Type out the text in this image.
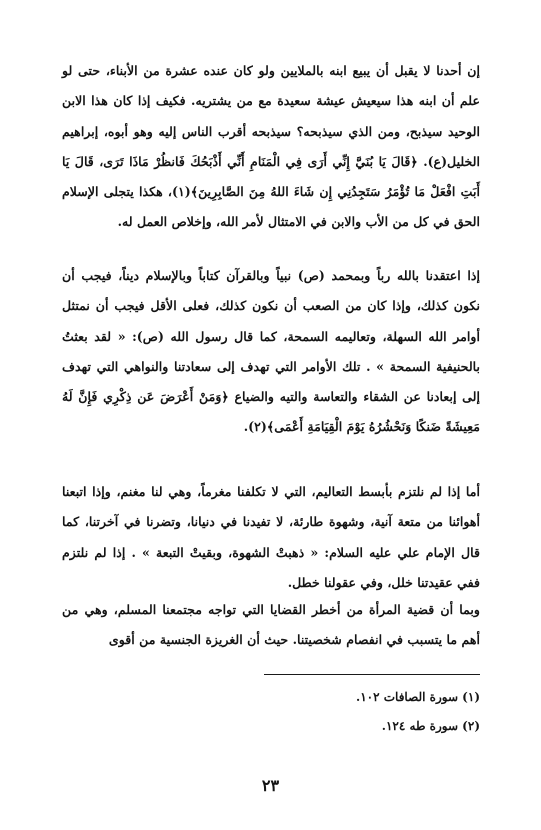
إن أحدنا لا يقبل أن يبيع ابنه بالملايين ولو كان عنده عشرة من الأبناء، حتى لو علم أن ابنه هذا سيعيش عيشة سعيدة مع من يشتريه. فكيف إذا كان هذا الابن الوحيد سيذبح، ومن الذي سيذبحه؟ سيذبحه أقرب الناس إليه وهو أبوه، إبراهيم الخليل(ع). ﴿قَالَ يَا بُنَيَّ إِنِّي أَرَى فِي الْمَنَامِ أَنِّي أَذْبَحُكَ فَانظُرْ مَاذَا تَرَى، قَالَ يَا أَبَتِ افْعَلْ مَا تُؤْمَرُ سَتَجِدُنِي إِن شَاءَ اللهُ مِنَ الصَّابِرِينَ﴾(١)، هكذا يتجلى الإسلام الحق في كل من الأب والابن في الامتثال لأمر الله، وإخلاص العمل له.

إذا اعتقدنا بالله رباً وبمحمد (ص) نبياً وبالقرآن كتاباً وبالإسلام ديناً، فيجب أن نكون كذلك، وإذا كان من الصعب أن نكون كذلك، فعلى الأقل فيجب أن نمتثل أوامر الله السهلة، وتعاليمه السمحة، كما قال رسول الله (ص): « لقد بعثتُ بالحنيفية السمحة » . تلك الأوامر التي تهدف إلى سعادتنا والنواهي التي تهدف إلى إبعادنا عن الشقاء والتعاسة والتيه والضياع ﴿وَمَنْ أَعْرَضَ عَن ذِكْرِي فَإِنَّ لَهُ مَعِيشَةً ضَنكًا وَنَحْشُرُهُ يَوْمَ الْقِيَامَةِ أَعْمَى﴾(٢).

أما إذا لم نلتزم بأبسط التعاليم، التي لا تكلفنا مغرماً، وهي لنا مغنم، وإذا اتبعنا أهوائنا من متعة آنية، وشهوة طارئة، لا تفيدنا في دنيانا، وتضرنا في آخرتنا، كما قال الإمام علي عليه السلام: « ذهبتْ الشهوة، وبقيتْ التبعة » . إذا لم نلتزم ففي عقيدتنا خلل، وفي عقولنا خطل.

وبما أن قضية المرأة من أخطر القضايا التي تواجه مجتمعنا المسلم، وهي من أهم ما يتسبب في انفصام شخصيتنا. حيث أن الغريزة الجنسية من أقوى

(١) سورة الصافات ١٠٢.
(٢) سورة طه ١٢٤.
٢٣
